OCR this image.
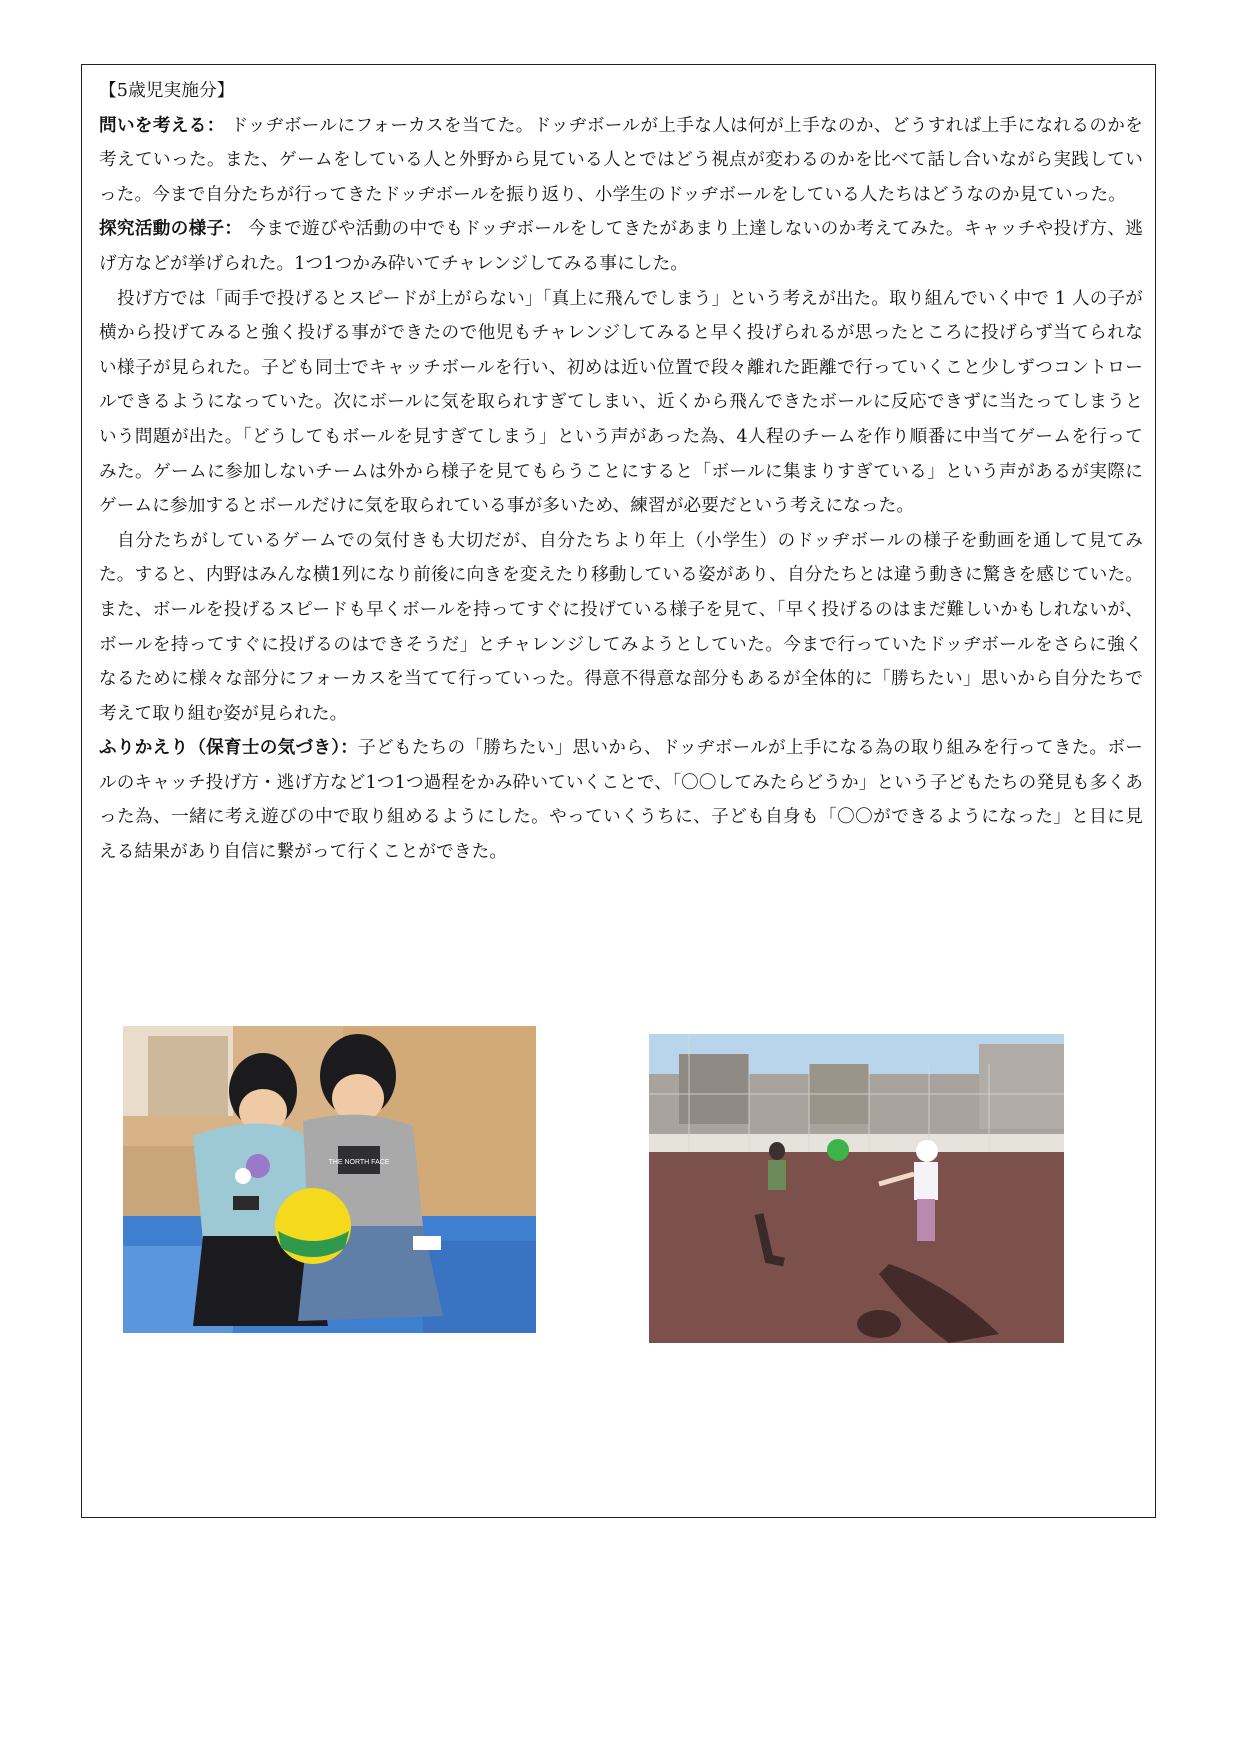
【5歳児実施分】

問いを考える： ドッヂボールにフォーカスを当てた。ドッヂボールが上手な人は何が上手なのか、どうすれば上手になれるのかを考えていった。また、ゲームをしている人と外野から見ている人とではどう視点が変わるのかを比べて話し合いながら実践していった。今まで自分たちが行ってきたドッヂボールを振り返り、小学生のドッヂボールをしている人たちはどうなのか見ていった。

探究活動の様子： 今まで遊びや活動の中でもドッヂボールをしてきたがあまり上達しないのか考えてみた。キャッチや投げ方、逃げ方などが挙げられた。1つ1つかみ砕いてチャレンジしてみる事にした。

投げ方では「両手で投げるとスピードが上がらない」「真上に飛んでしまう」という考えが出た。取り組んでいく中で 1 人の子が横から投げてみると強く投げる事ができたので他児もチャレンジしてみると早く投げられるが思ったところに投げらず当てられない様子が見られた。子ども同士でキャッチボールを行い、初めは近い位置で段々離れた距離で行っていくこと少しずつコントロールできるようになっていた。次にボールに気を取られすぎてしまい、近くから飛んできたボールに反応できずに当たってしまうという問題が出た。「どうしてもボールを見すぎてしまう」という声があった為、4人程のチームを作り順番に中当てゲームを行ってみた。ゲームに参加しないチームは外から様子を見てもらうことにすると「ボールに集まりすぎている」という声があるが実際にゲームに参加するとボールだけに気を取られている事が多いため、練習が必要だという考えになった。

自分たちがしているゲームでの気付きも大切だが、自分たちより年上（小学生）のドッヂボールの様子を動画を通して見てみた。すると、内野はみんな横1列になり前後に向きを変えたり移動している姿があり、自分たちとは違う動きに驚きを感じていた。また、ボールを投げるスピードも早くボールを持ってすぐに投げている様子を見て、「早く投げるのはまだ難しいかもしれないが、ボールを持ってすぐに投げるのはできそうだ」とチャレンジしてみようとしていた。今まで行っていたドッヂボールをさらに強くなるために様々な部分にフォーカスを当てて行っていった。得意不得意な部分もあるが全体的に「勝ちたい」思いから自分たちで考えて取り組む姿が見られた。

ふりかえり（保育士の気づき）：子どもたちの「勝ちたい」思いから、ドッヂボールが上手になる為の取り組みを行ってきた。ボールのキャッチ投げ方・逃げ方など1つ1つ過程をかみ砕いていくことで、「〇〇してみたらどうか」という子どもたちの発見も多くあった為、一緒に考え遊びの中で取り組めるようにした。やっていくうちに、子ども自身も「〇〇ができるようになった」と目に見える結果があり自信に繋がって行くことができた。

THE NORTH FACE
